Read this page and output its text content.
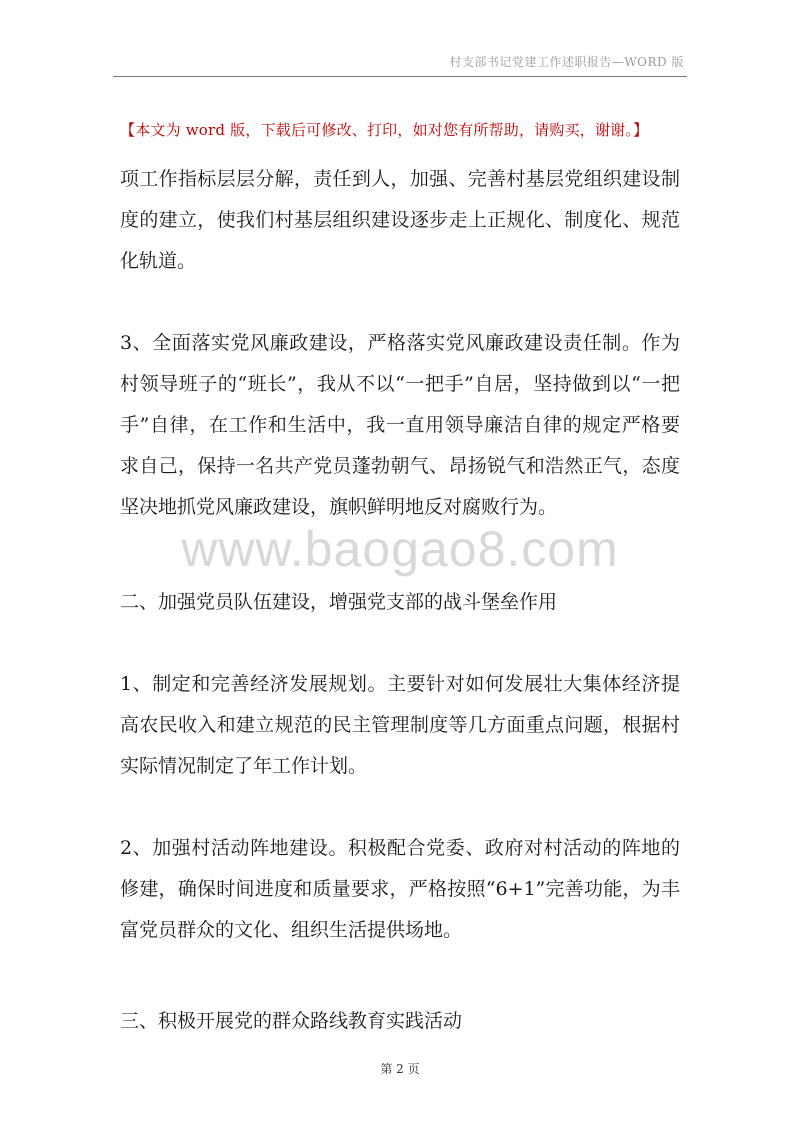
村支部书记党建工作述职报告—WORD 版
【本文为 word 版，下载后可修改、打印，如对您有所帮助，请购买，谢谢。】

项工作指标层层分解，责任到人，加强、完善村基层党组织建设制度的建立，使我们村基层组织建设逐步走上正规化、制度化、规范化轨道。

3、全面落实党风廉政建设，严格落实党风廉政建设责任制。作为村领导班子的“班长”，我从不以“一把手”自居，坚持做到以“一把手”自律，在工作和生活中，我一直用领导廉洁自律的规定严格要求自己，保持一名共产党员蓬勃朝气、昂扬锐气和浩然正气，态度坚决地抓党风廉政建设，旗帜鲜明地反对腐败行为。

二、加强党员队伍建设，增强党支部的战斗堡垒作用

1、制定和完善经济发展规划。主要针对如何发展壮大集体经济提高农民收入和建立规范的民主管理制度等几方面重点问题，根据村实际情况制定了年工作计划。

2、加强村活动阵地建设。积极配合党委、政府对村活动的阵地的修建，确保时间进度和质量要求，严格按照“6+1”完善功能，为丰富党员群众的文化、组织生活提供场地。

三、积极开展党的群众路线教育实践活动

www.baogao8.com
第 2 页
